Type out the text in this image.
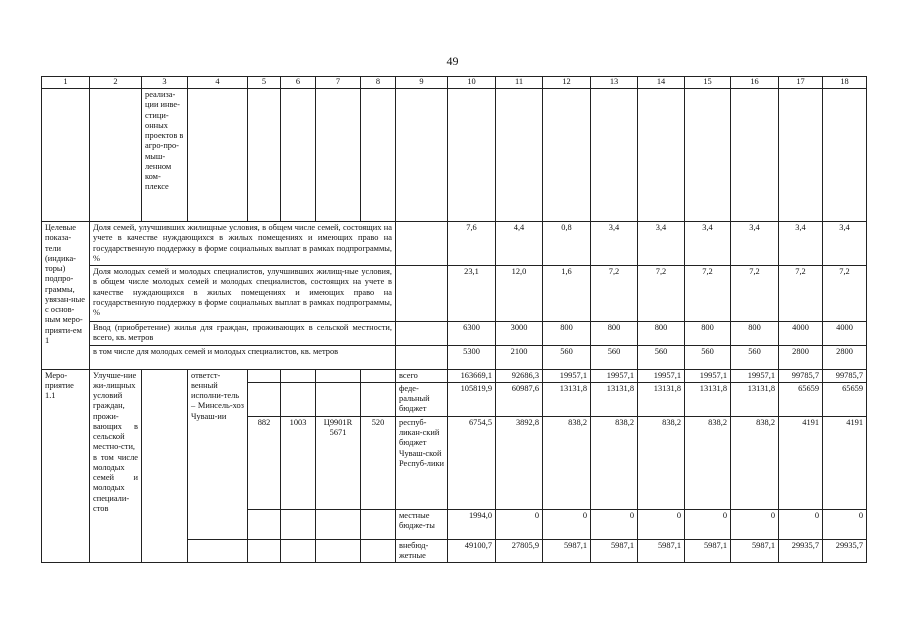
49
1	2	3	4	5	6	7	8	9	10	11	12	13	14	15	16	17	18
		реализа-ции инве-стици-онных проектов в агро-про-мыш-ленном ком-плексе															
Целевые показа-тели (индика-торы) подпро-граммы, увязан-ные с основ-ным меро-прияти-ем 1	Доля семей, улучшивших жилищные условия, в общем числе семей, состоящих на учете в качестве нуждающихся в жилых помещениях и имеющих право на государственную поддержку в форме социальных выплат в рамках подпрограммы, %								7,6	4,4	0,8	3,4	3,4	3,4	3,4	3,4	3,4
	Доля молодых семей и молодых специалистов, улучшивших жилищ-ные условия, в общем числе молодых семей и молодых специалистов, состоящих на учете в качестве нуждающихся в жилых помещениях и имеющих право на государственную поддержку в форме социальных выплат в рамках подпрограммы, %								23,1	12,0	1,6	7,2	7,2	7,2	7,2	7,2	7,2
	Ввод (приобретение) жилья для граждан, проживающих в сельской местности, всего, кв. метров								6300	3000	800	800	800	800	800	4000	4000
	в том числе для молодых семей и молодых специалистов, кв. метров								5300	2100	560	560	560	560	560	2800	2800
Меро-приятие 1.1	Улучше-ние жи-лищных условий граждан, прожи-вающих в сельской местно-сти, в том числе молодых семей и молодых специали-стов		ответст-венный исполни-тель – Минсель-хоз Чуваш-ии					всего	163669,1	92686,3	19957,1	19957,1	19957,1	19957,1	19957,1	99785,7	99785,7
								феде-ральный бюджет	105819,9	60987,6	13131,8	13131,8	13131,8	13131,8	13131,8	65659	65659
				882	1003	Ц9901R 5671	520	респуб-ликан-ский бюджет Чуваш-ской Респуб-лики	6754,5	3892,8	838,2	838,2	838,2	838,2	838,2	4191	4191
								местные бюдже-ты	1994,0	0	0	0	0	0	0	0	0
								внебюд-жетные	49100,7	27805,9	5987,1	5987,1	5987,1	5987,1	5987,1	29935,7	29935,7
